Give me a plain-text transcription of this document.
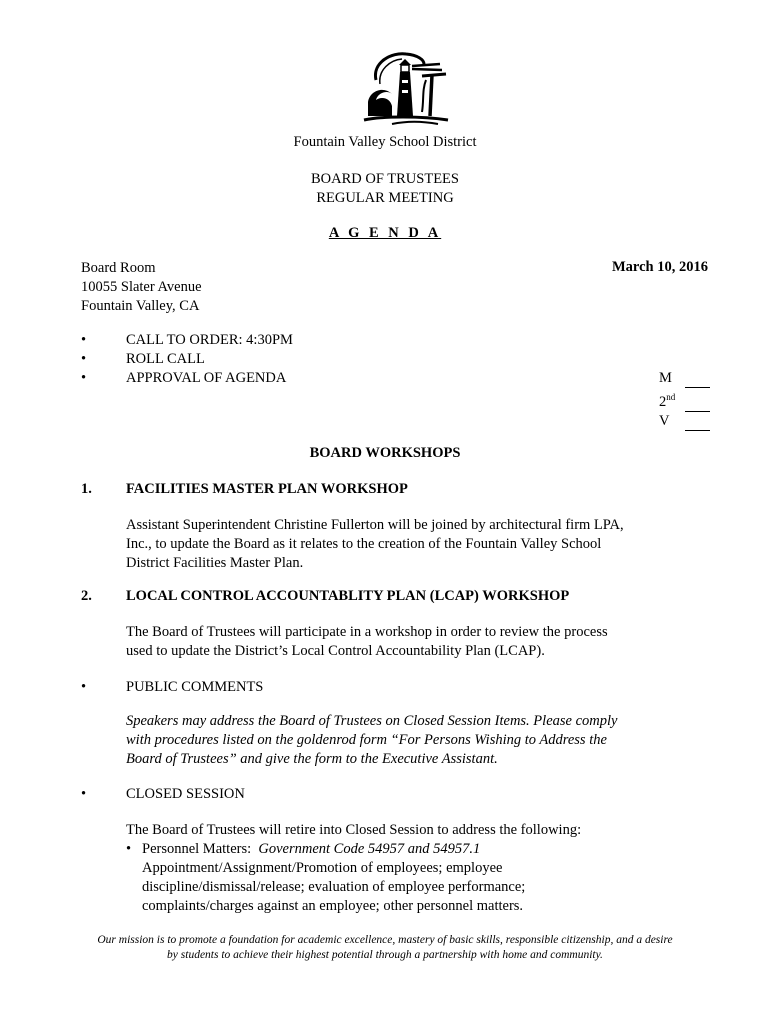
Fountain Valley School District
BOARD OF TRUSTEES
REGULAR MEETING
A G E N D A
Board Room
10055 Slater Avenue
Fountain Valley, CA
March 10, 2016
•
CALL TO ORDER: 4:30PM
•
ROLL CALL
•
APPROVAL OF AGENDA	M
2nd
V
BOARD WORKSHOPS
1. FACILITIES MASTER PLAN WORKSHOP
Assistant Superintendent Christine Fullerton will be joined by architectural firm LPA,
Inc., to update the Board as it relates to the creation of the Fountain Valley School
District Facilities Master Plan.
2. LOCAL CONTROL ACCOUNTABLITY PLAN (LCAP) WORKSHOP
The Board of Trustees will participate in a workshop in order to review the process
used to update the District’s Local Control Accountability Plan (LCAP).
•	PUBLIC COMMENTS
Speakers may address the Board of Trustees on Closed Session Items. Please comply
with procedures listed on the goldenrod form “For Persons Wishing to Address the
Board of Trustees” and give the form to the Executive Assistant.
•	CLOSED SESSION
The Board of Trustees will retire into Closed Session to address the following:
• Personnel Matters: Government Code 54957 and 54957.1
Appointment/Assignment/Promotion of employees; employee
discipline/dismissal/release; evaluation of employee performance;
complaints/charges against an employee; other personnel matters.
Our mission is to promote a foundation for academic excellence, mastery of basic skills, responsible citizenship, and a desire
by students to achieve their highest potential through a partnership with home and community.
